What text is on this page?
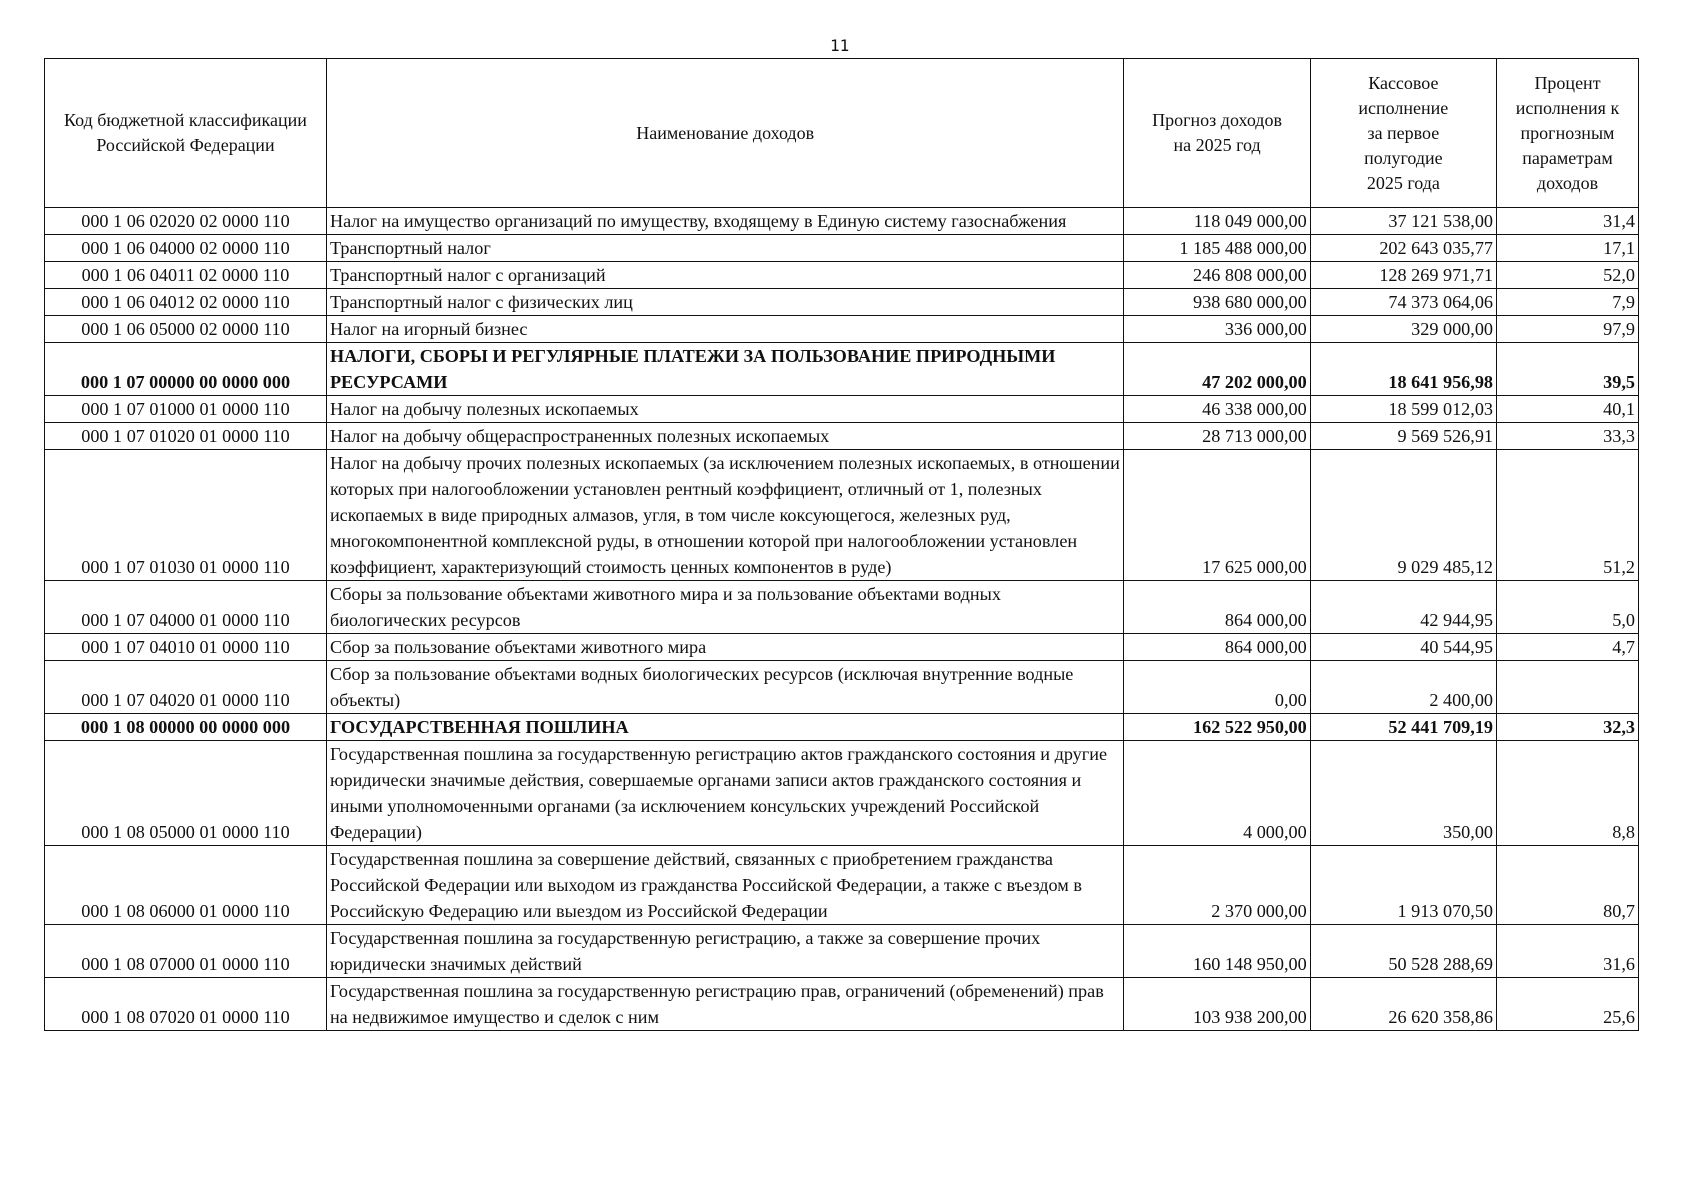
11
Код бюджетной классификации Российской Федерации	Наименование доходов	Прогноз доходов на 2025 год	Кассовое исполнение за первое полугодие 2025 года	Процент исполнения к прогнозным параметрам доходов
000 1 06 02020 02 0000 110	Налог на имущество организаций по имуществу, входящему в Единую систему газоснабжения	118 049 000,00	37 121 538,00	31,4
000 1 06 04000 02 0000 110	Транспортный налог	1 185 488 000,00	202 643 035,77	17,1
000 1 06 04011 02 0000 110	Транспортный налог с организаций	246 808 000,00	128 269 971,71	52,0
000 1 06 04012 02 0000 110	Транспортный налог с физических лиц	938 680 000,00	74 373 064,06	7,9
000 1 06 05000 02 0000 110	Налог на игорный бизнес	336 000,00	329 000,00	97,9
000 1 07 00000 00 0000 000	НАЛОГИ, СБОРЫ И РЕГУЛЯРНЫЕ ПЛАТЕЖИ ЗА ПОЛЬЗОВАНИЕ ПРИРОДНЫМИ РЕСУРСАМИ	47 202 000,00	18 641 956,98	39,5
000 1 07 01000 01 0000 110	Налог на добычу полезных ископаемых	46 338 000,00	18 599 012,03	40,1
000 1 07 01020 01 0000 110	Налог на добычу общераспространенных полезных ископаемых	28 713 000,00	9 569 526,91	33,3
000 1 07 01030 01 0000 110	Налог на добычу прочих полезных ископаемых (за исключением полезных ископаемых, в отношении которых при налогообложении установлен рентный коэффициент, отличный от 1, полезных ископаемых в виде природных алмазов, угля, в том числе коксующегося, железных руд, многокомпонентной комплексной руды, в отношении которой при налогообложении установлен коэффициент, характеризующий стоимость ценных компонентов в руде)	17 625 000,00	9 029 485,12	51,2
000 1 07 04000 01 0000 110	Сборы за пользование объектами животного мира и за пользование объектами водных биологических ресурсов	864 000,00	42 944,95	5,0
000 1 07 04010 01 0000 110	Сбор за пользование объектами животного мира	864 000,00	40 544,95	4,7
000 1 07 04020 01 0000 110	Сбор за пользование объектами водных биологических ресурсов (исключая внутренние водные объекты)	0,00	2 400,00	
000 1 08 00000 00 0000 000	ГОСУДАРСТВЕННАЯ ПОШЛИНА	162 522 950,00	52 441 709,19	32,3
000 1 08 05000 01 0000 110	Государственная пошлина за государственную регистрацию актов гражданского состояния и другие юридически значимые действия, совершаемые органами записи актов гражданского состояния и иными уполномоченными органами (за исключением консульских учреждений Российской Федерации)	4 000,00	350,00	8,8
000 1 08 06000 01 0000 110	Государственная пошлина за совершение действий, связанных с приобретением гражданства Российской Федерации или выходом из гражданства Российской Федерации, а также с въездом в Российскую Федерацию или выездом из Российской Федерации	2 370 000,00	1 913 070,50	80,7
000 1 08 07000 01 0000 110	Государственная пошлина за государственную регистрацию, а также за совершение прочих юридически значимых действий	160 148 950,00	50 528 288,69	31,6
000 1 08 07020 01 0000 110	Государственная пошлина за государственную регистрацию прав, ограничений (обременений) прав на недвижимое имущество и сделок с ним	103 938 200,00	26 620 358,86	25,6
